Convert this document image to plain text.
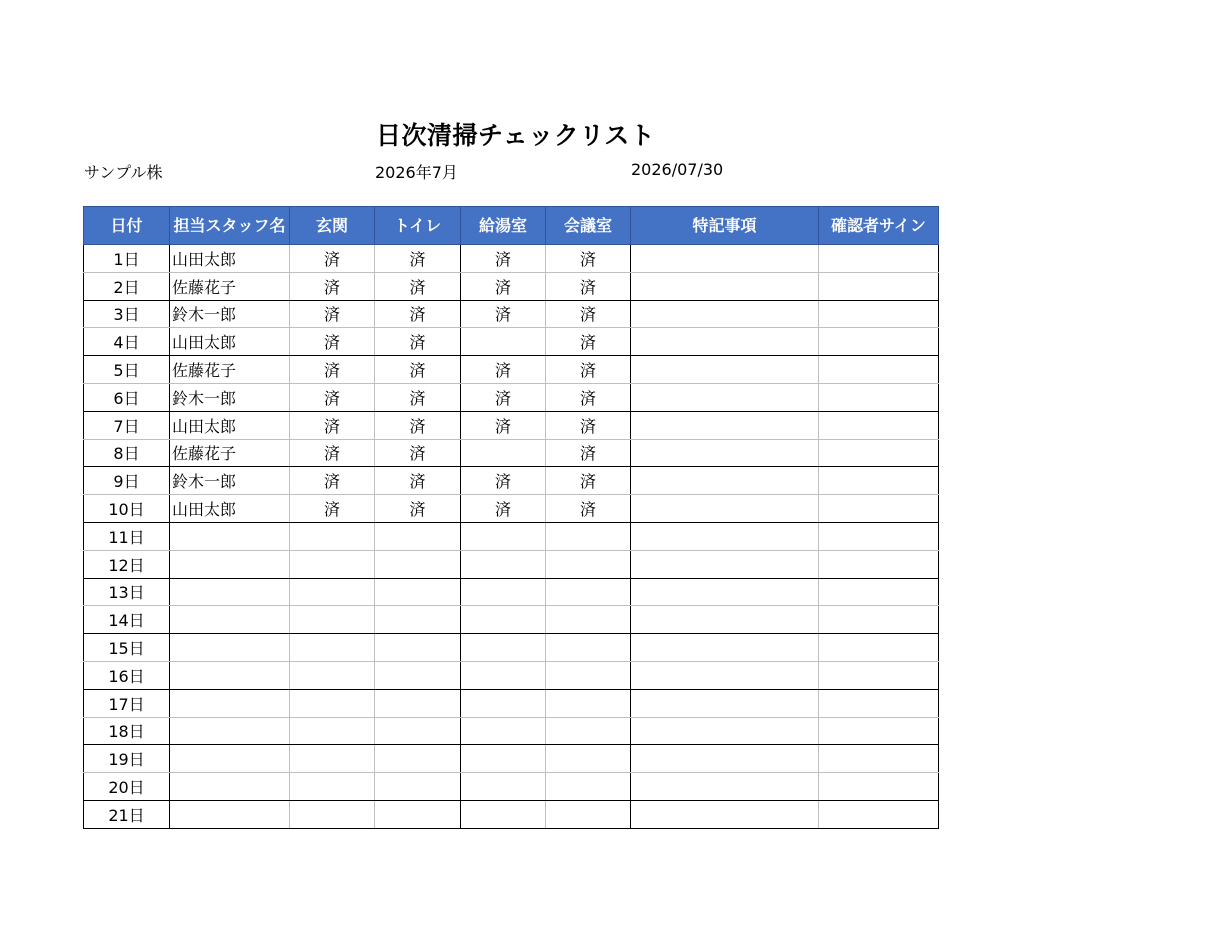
日次清掃チェックリスト
サンプル株	2026年7月	2026/07/30
日付	担当スタッフ名	玄関	トイレ	給湯室	会議室	特記事項	確認者サイン
1日	山田太郎	済	済	済	済		
2日	佐藤花子	済	済	済	済		
3日	鈴木一郎	済	済	済	済		
4日	山田太郎	済	済		済		
5日	佐藤花子	済	済	済	済		
6日	鈴木一郎	済	済	済	済		
7日	山田太郎	済	済	済	済		
8日	佐藤花子	済	済		済		
9日	鈴木一郎	済	済	済	済		
10日	山田太郎	済	済	済	済		
11日							
12日							
13日							
14日							
15日							
16日							
17日							
18日							
19日							
20日							
21日							
